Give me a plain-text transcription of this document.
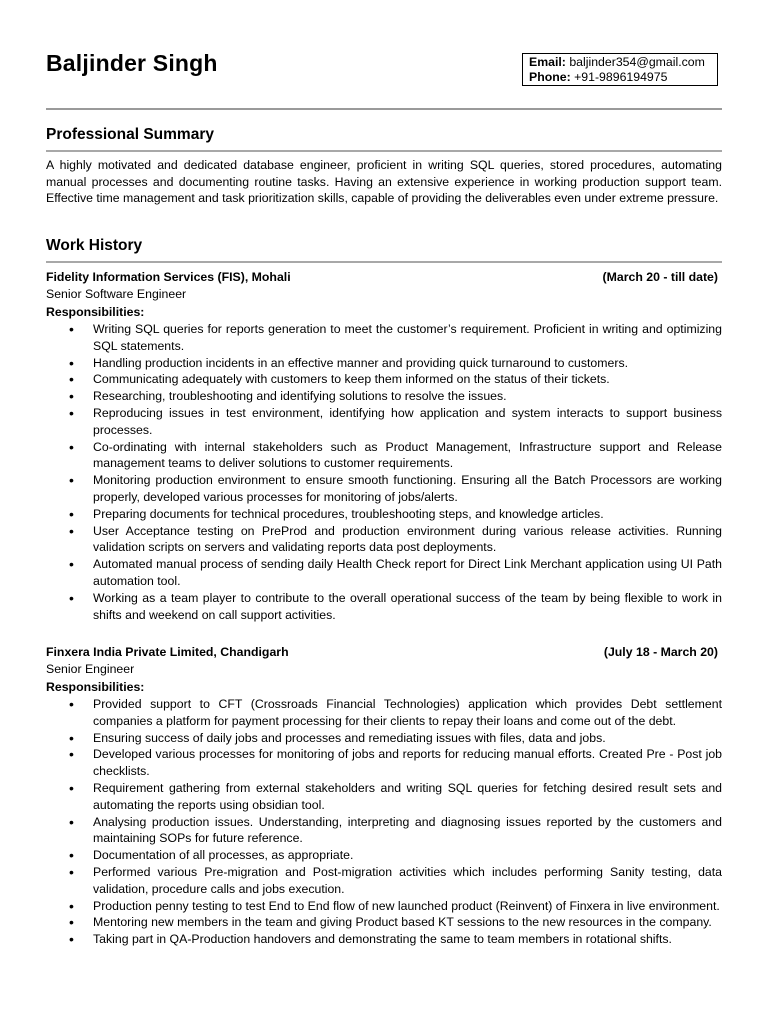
Baljinder Singh	Email: baljinder354@gmail.com
Phone: +91-9896194975
Professional Summary
A highly motivated and dedicated database engineer, proficient in writing SQL queries, stored procedures, automating manual processes and documenting routine tasks. Having an extensive experience in working production support team. Effective time management and task prioritization skills, capable of providing the deliverables even under extreme pressure.
Work History
Fidelity Information Services (FIS), Mohali	(March 20 - till date)
Senior Software Engineer
Responsibilities:
• Writing SQL queries for reports generation to meet the customer’s requirement. Proficient in writing and optimizing SQL statements.
• Handling production incidents in an effective manner and providing quick turnaround to customers.
• Communicating adequately with customers to keep them informed on the status of their tickets.
• Researching, troubleshooting and identifying solutions to resolve the issues.
• Reproducing issues in test environment, identifying how application and system interacts to support business processes.
• Co-ordinating with internal stakeholders such as Product Management, Infrastructure support and Release management teams to deliver solutions to customer requirements.
• Monitoring production environment to ensure smooth functioning. Ensuring all the Batch Processors are working properly, developed various processes for monitoring of jobs/alerts.
• Preparing documents for technical procedures, troubleshooting steps, and knowledge articles.
• User Acceptance testing on PreProd and production environment during various release activities. Running validation scripts on servers and validating reports data post deployments.
• Automated manual process of sending daily Health Check report for Direct Link Merchant application using UI Path automation tool.
• Working as a team player to contribute to the overall operational success of the team by being flexible to work in shifts and weekend on call support activities.
Finxera India Private Limited, Chandigarh	(July 18 - March 20)
Senior Engineer
Responsibilities:
• Provided support to CFT (Crossroads Financial Technologies) application which provides Debt settlement companies a platform for payment processing for their clients to repay their loans and come out of the debt.
• Ensuring success of daily jobs and processes and remediating issues with files, data and jobs.
• Developed various processes for monitoring of jobs and reports for reducing manual efforts. Created Pre - Post job checklists.
• Requirement gathering from external stakeholders and writing SQL queries for fetching desired result sets and automating the reports using obsidian tool.
• Analysing production issues. Understanding, interpreting and diagnosing issues reported by the customers and maintaining SOPs for future reference.
• Documentation of all processes, as appropriate.
• Performed various Pre-migration and Post-migration activities which includes performing Sanity testing, data validation, procedure calls and jobs execution.
• Production penny testing to test End to End flow of new launched product (Reinvent) of Finxera in live environment.
• Mentoring new members in the team and giving Product based KT sessions to the new resources in the company.
• Taking part in QA-Production handovers and demonstrating the same to team members in rotational shifts.
